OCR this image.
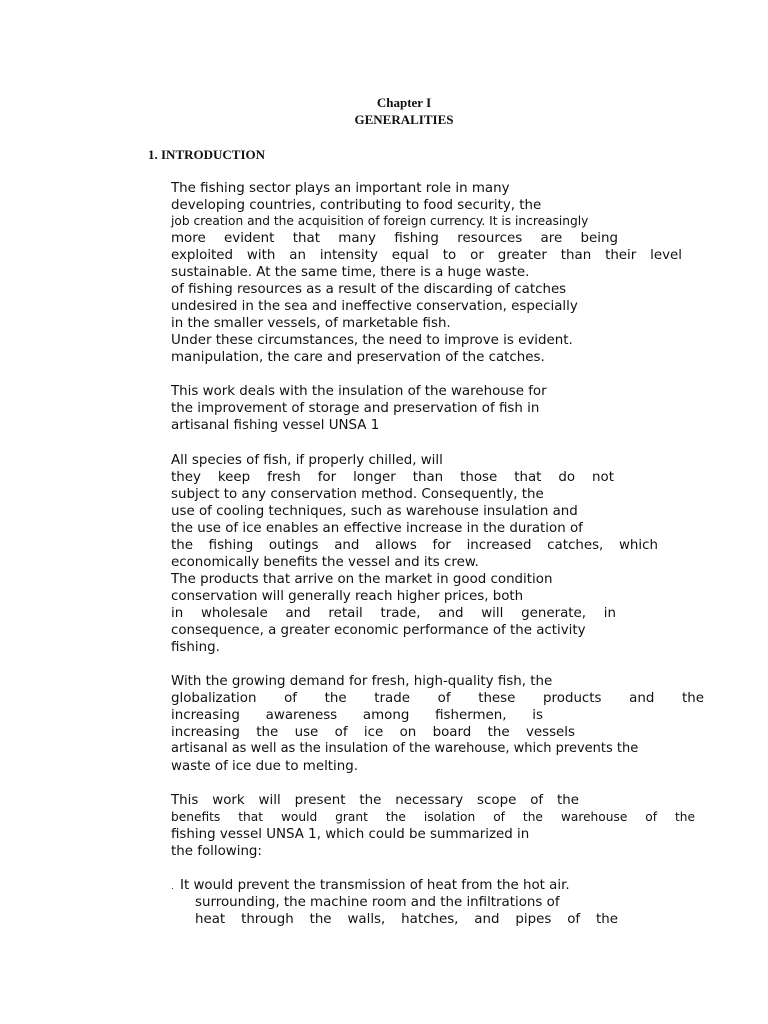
Chapter I
GENERALITIES
1. INTRODUCTION
The fishing sector plays an important role in many
developing countries, contributing to food security, the
job creation and the acquisition of foreign currency. It is increasingly
more evident that many fishing resources are being
exploited with an intensity equal to or greater than their level
sustainable. At the same time, there is a huge waste.
of fishing resources as a result of the discarding of catches
undesired in the sea and ineffective conservation, especially
in the smaller vessels, of marketable fish.
Under these circumstances, the need to improve is evident.
manipulation, the care and preservation of the catches.
This work deals with the insulation of the warehouse for
the improvement of storage and preservation of fish in
artisanal fishing vessel UNSA 1
All species of fish, if properly chilled, will
they keep fresh for longer than those that do not
subject to any conservation method. Consequently, the
use of cooling techniques, such as warehouse insulation and
the use of ice enables an effective increase in the duration of
the fishing outings and allows for increased catches, which
economically benefits the vessel and its crew.
The products that arrive on the market in good condition
conservation will generally reach higher prices, both
in wholesale and retail trade, and will generate, in
consequence, a greater economic performance of the activity
fishing.
With the growing demand for fresh, high-quality fish, the
globalization of the trade of these products and the
increasing awareness among fishermen, is
increasing the use of ice on board the vessels
artisanal as well as the insulation of the warehouse, which prevents the
waste of ice due to melting.
This work will present the necessary scope of the
benefits that would grant the isolation of the warehouse of the
fishing vessel UNSA 1, which could be summarized in
the following:
. It would prevent the transmission of heat from the hot air.
surrounding, the machine room and the infiltrations of
heat through the walls, hatches, and pipes of the
